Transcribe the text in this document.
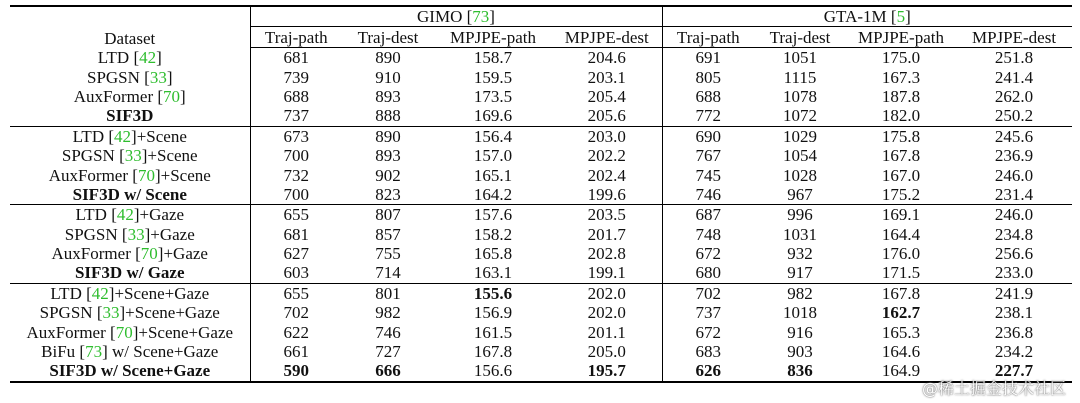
Dataset	GIMO [73]				GTA-1M [5]			
	Traj-path	Traj-dest	MPJPE-path	MPJPE-dest	Traj-path	Traj-dest	MPJPE-path	MPJPE-dest
LTD [42]	681	890	158.7	204.6	691	1051	175.0	251.8
SPGSN [33]	739	910	159.5	203.1	805	1115	167.3	241.4
AuxFormer [70]	688	893	173.5	205.4	688	1078	187.8	262.0
SIF3D	737	888	169.6	205.6	772	1072	182.0	250.2
LTD [42]+Scene	673	890	156.4	203.0	690	1029	175.8	245.6
SPGSN [33]+Scene	700	893	157.0	202.2	767	1054	167.8	236.9
AuxFormer [70]+Scene	732	902	165.1	202.4	745	1028	167.0	246.0
SIF3D w/ Scene	700	823	164.2	199.6	746	967	175.2	231.4
LTD [42]+Gaze	655	807	157.6	203.5	687	996	169.1	246.0
SPGSN [33]+Gaze	681	857	158.2	201.7	748	1031	164.4	234.8
AuxFormer [70]+Gaze	627	755	165.8	202.8	672	932	176.0	256.6
SIF3D w/ Gaze	603	714	163.1	199.1	680	917	171.5	233.0
LTD [42]+Scene+Gaze	655	801	155.6	202.0	702	982	167.8	241.9
SPGSN [33]+Scene+Gaze	702	982	156.9	202.0	737	1018	162.7	238.1
AuxFormer [70]+Scene+Gaze	622	746	161.5	201.1	672	916	165.3	236.8
BiFu [73] w/ Scene+Gaze	661	727	167.8	205.0	683	903	164.6	234.2
SIF3D w/ Scene+Gaze	590	666	156.6	195.7	626	836	164.9	227.7
@稀土掘金技术社区
